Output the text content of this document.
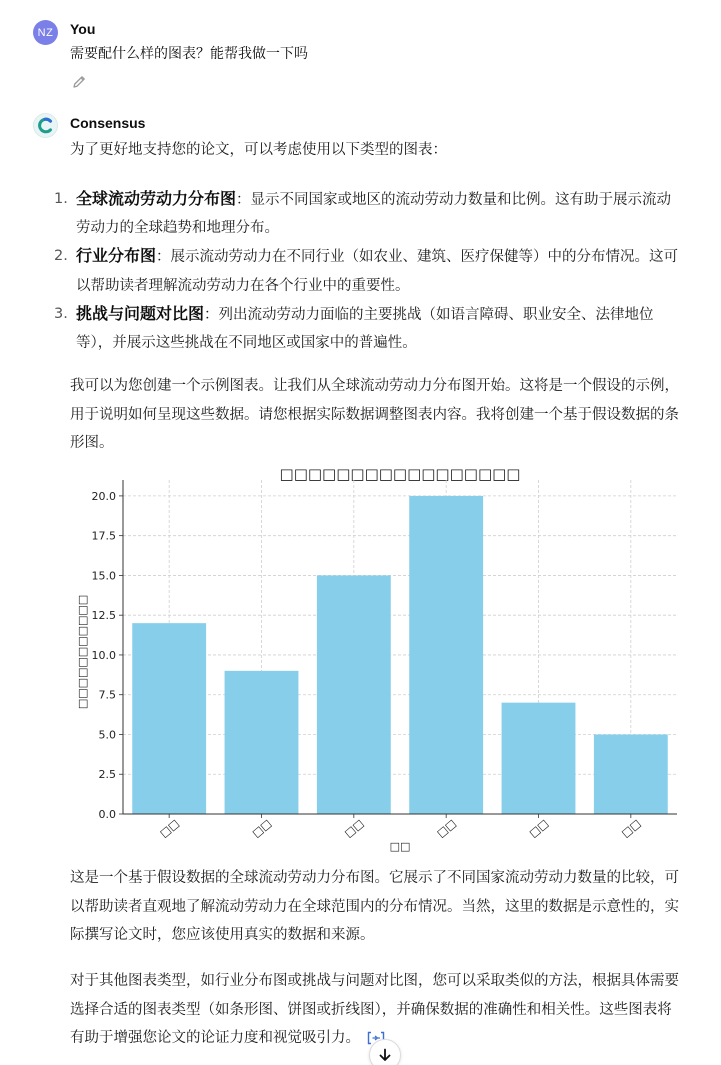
NZ	You
需要配什么样的图表？能帮我做一下吗
Consensus
为了更好地支持您的论文，可以考虑使用以下类型的图表：
1. 全球流动劳动力分布图：显示不同国家或地区的流动劳动力数量和比例。这有助于展示流动劳动力的全球趋势和地理分布。
2. 行业分布图：展示流动劳动力在不同行业（如农业、建筑、医疗保健等）中的分布情况。这可以帮助读者理解流动劳动力在各个行业中的重要性。
3. 挑战与问题对比图：列出流动劳动力面临的主要挑战（如语言障碍、职业安全、法律地位等），并展示这些挑战在不同地区或国家中的普遍性。
我可以为您创建一个示例图表。让我们从全球流动劳动力分布图开始。这将是一个假设的示例，用于说明如何呈现这些数据。请您根据实际数据调整图表内容。我将创建一个基于假设数据的条形图。
□□□□□□□□□□□□□□□□□
□□□□□□□□□□□
□□
0.0
2.5
5.0
7.5
10.0
12.5
15.0
17.5
20.0
□□	□□	□□	□□	□□	□□
这是一个基于假设数据的全球流动劳动力分布图。它展示了不同国家流动劳动力数量的比较，可以帮助读者直观地了解流动劳动力在全球范围内的分布情况。当然，这里的数据是示意性的，实际撰写论文时，您应该使用真实的数据和来源。
对于其他图表类型，如行业分布图或挑战与问题对比图，您可以采取类似的方法，根据具体需要选择合适的图表类型（如条形图、饼图或折线图），并确保数据的准确性和相关性。这些图表将有助于增强您论文的论证力度和视觉吸引力。
